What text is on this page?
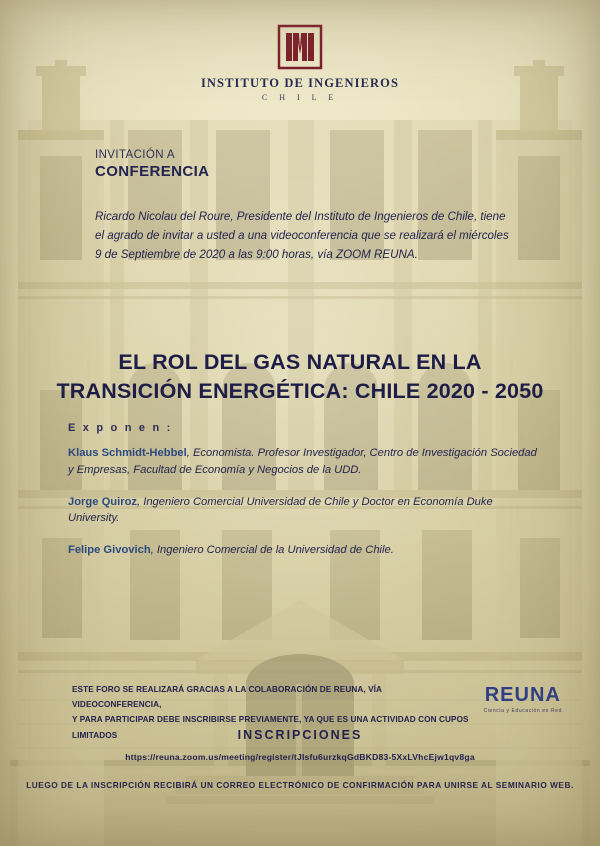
INSTITUTO DE INGENIEROS
C H I L E
INVITACIÓN A
CONFERENCIA
Ricardo Nicolau del Roure, Presidente del Instituto de Ingenieros de Chile, tiene el agrado de invitar a usted a una videoconferencia que se realizará el miércoles 9 de Septiembre de 2020 a las 9:00 horas, vía ZOOM REUNA.
EL ROL DEL GAS NATURAL EN LA
TRANSICIÓN ENERGÉTICA: CHILE 2020 - 2050
E x p o n e n :
Klaus Schmidt-Hebbel, Economista. Profesor Investigador, Centro de Investigación Sociedad y Empresas, Facultad de Economía y Negocios de la UDD.
Jorge Quiroz, Ingeniero Comercial Universidad de Chile y Doctor en Economía Duke University.
Felipe Givovich, Ingeniero Comercial de la Universidad de Chile.
ESTE FORO SE REALIZARÁ GRACIAS A LA COLABORACIÓN DE REUNA, VÍA VIDEOCONFERENCIA,
Y PARA PARTICIPAR DEBE INSCRIBIRSE PREVIAMENTE, YA QUE ES UNA ACTIVIDAD CON CUPOS LIMITADOS
REUNA
Ciencia y Educación en Red
INSCRIPCIONES
https://reuna.zoom.us/meeting/register/tJIsfu6urzkqGdBKD83-5XxLVhcEjw1qv8ga
LUEGO DE LA INSCRIPCIÓN RECIBIRÁ UN CORREO ELECTRÓNICO DE CONFIRMACIÓN PARA UNIRSE AL SEMINARIO WEB.
